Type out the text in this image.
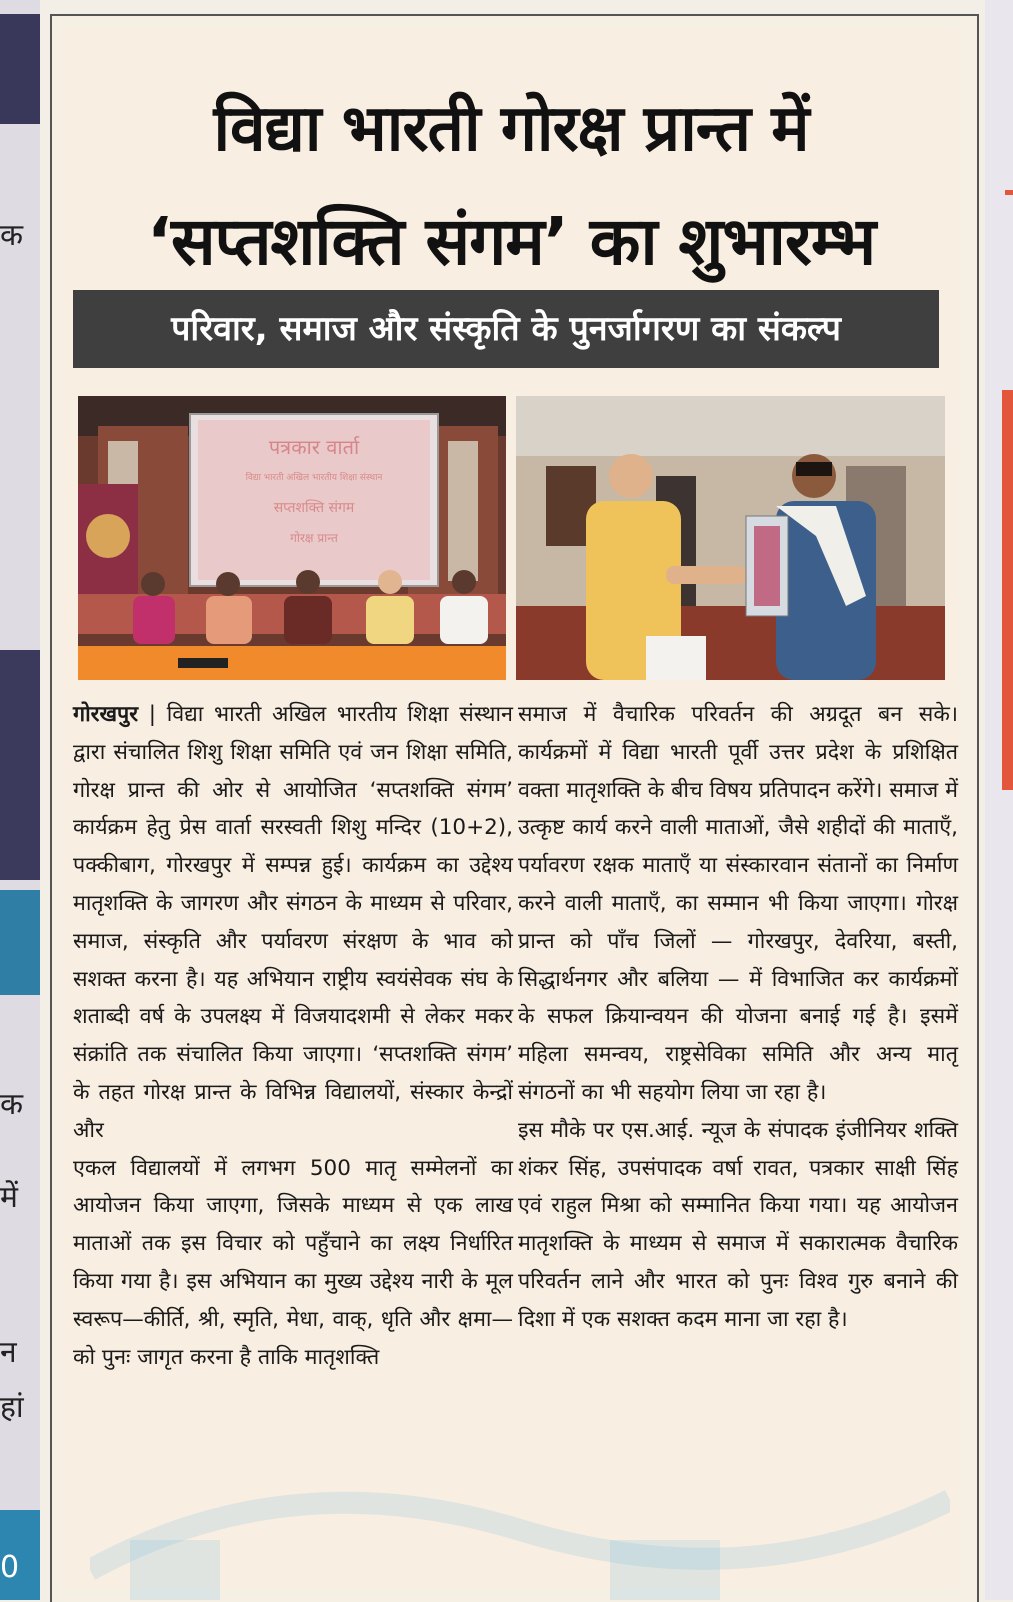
क
क
में
न
हां
0
विद्या भारती गोरक्ष प्रान्त में
‘सप्तशक्ति संगम’ का शुभारम्भ
परिवार, समाज और संस्कृति के पुनर्जागरण का संकल्प
पत्रकार वार्ता
विद्या भारती अखिल भारतीय शिक्षा संस्थान
सप्तशक्ति संगम
गोरक्ष प्रान्त

गोरखपुर | विद्या भारती अखिल भारतीय शिक्षा संस्थान द्वारा संचालित शिशु शिक्षा समिति एवं जन शिक्षा समिति, गोरक्ष प्रान्त की ओर से आयोजित ‘सप्तशक्ति संगम’ कार्यक्रम हेतु प्रेस वार्ता सरस्वती शिशु मन्दिर (10+2), पक्कीबाग, गोरखपुर में सम्पन्न हुई। कार्यक्रम का उद्देश्य मातृशक्ति के जागरण और संगठन के माध्यम से परिवार, समाज, संस्कृति और पर्यावरण संरक्षण के भाव को सशक्त करना है। यह अभियान राष्ट्रीय स्वयंसेवक संघ के शताब्दी वर्ष के उपलक्ष्य में विजयादशमी से लेकर मकर संक्रांति तक संचालित किया जाएगा। ‘सप्तशक्ति संगम’ के तहत गोरक्ष प्रान्त के विभिन्न विद्यालयों, संस्कार केन्द्रों और

एकल विद्यालयों में लगभग 500 मातृ सम्मेलनों का आयोजन किया जाएगा, जिसके माध्यम से एक लाख माताओं तक इस विचार को पहुँचाने का लक्ष्य निर्धारित किया गया है। इस अभियान का मुख्य उद्देश्य नारी के मूल स्वरूप—कीर्ति, श्री, स्मृति, मेधा, वाक्, धृति और क्षमा—को पुनः जागृत करना है ताकि मातृशक्ति

समाज में वैचारिक परिवर्तन की अग्रदूत बन सके। कार्यक्रमों में विद्या भारती पूर्वी उत्तर प्रदेश के प्रशिक्षित वक्ता मातृशक्ति के बीच विषय प्रतिपादन करेंगे। समाज में उत्कृष्ट कार्य करने वाली माताओं, जैसे शहीदों की माताएँ, पर्यावरण रक्षक माताएँ या संस्कारवान संतानों का निर्माण करने वाली माताएँ, का सम्मान भी किया जाएगा। गोरक्ष प्रान्त को पाँच जिलों — गोरखपुर, देवरिया, बस्ती, सिद्धार्थनगर और बलिया — में विभाजित कर कार्यक्रमों के सफल क्रियान्वयन की योजना बनाई गई है। इसमें महिला समन्वय, राष्ट्रसेविका समिति और अन्य मातृ संगठनों का भी सहयोग लिया जा रहा है।

इस मौके पर एस.आई. न्यूज के संपादक इंजीनियर शक्ति शंकर सिंह, उपसंपादक वर्षा रावत, पत्रकार साक्षी सिंह एवं राहुल मिश्रा को सम्मानित किया गया। यह आयोजन मातृशक्ति के माध्यम से समाज में सकारात्मक वैचारिक परिवर्तन लाने और भारत को पुनः विश्व गुरु बनाने की दिशा में एक सशक्त कदम माना जा रहा है।
